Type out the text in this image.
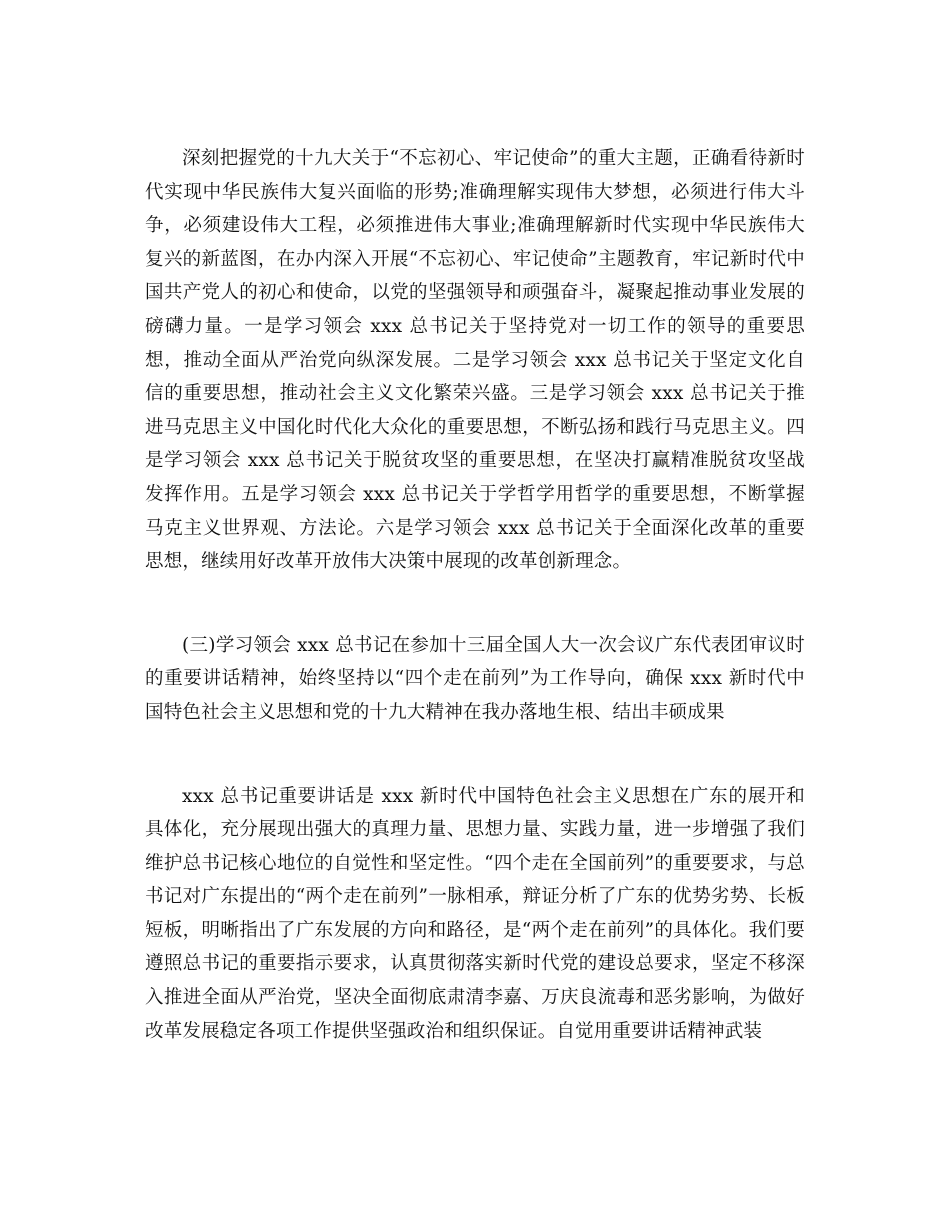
深刻把握党的十九大关于“不忘初心、牢记使命”的重大主题，正确看待新时代实现中华民族伟大复兴面临的形势;准确理解实现伟大梦想，必须进行伟大斗争，必须建设伟大工程，必须推进伟大事业;准确理解新时代实现中华民族伟大复兴的新蓝图，在办内深入开展“不忘初心、牢记使命”主题教育，牢记新时代中国共产党人的初心和使命，以党的坚强领导和顽强奋斗，凝聚起推动事业发展的磅礴力量。一是学习领会 xxx 总书记关于坚持党对一切工作的领导的重要思想，推动全面从严治党向纵深发展。二是学习领会 xxx 总书记关于坚定文化自信的重要思想，推动社会主义文化繁荣兴盛。三是学习领会 xxx 总书记关于推进马克思主义中国化时代化大众化的重要思想，不断弘扬和践行马克思主义。四是学习领会 xxx 总书记关于脱贫攻坚的重要思想，在坚决打赢精准脱贫攻坚战发挥作用。五是学习领会 xxx 总书记关于学哲学用哲学的重要思想，不断掌握马克主义世界观、方法论。六是学习领会 xxx 总书记关于全面深化改革的重要思想，继续用好改革开放伟大决策中展现的改革创新理念。

(三)学习领会 xxx 总书记在参加十三届全国人大一次会议广东代表团审议时的重要讲话精神，始终坚持以“四个走在前列”为工作导向，确保 xxx 新时代中国特色社会主义思想和党的十九大精神在我办落地生根、结出丰硕成果

xxx 总书记重要讲话是 xxx 新时代中国特色社会主义思想在广东的展开和具体化，充分展现出强大的真理力量、思想力量、实践力量，进一步增强了我们维护总书记核心地位的自觉性和坚定性。“四个走在全国前列”的重要要求，与总书记对广东提出的“两个走在前列”一脉相承，辩证分析了广东的优势劣势、长板短板，明晰指出了广东发展的方向和路径，是“两个走在前列”的具体化。我们要遵照总书记的重要指示要求，认真贯彻落实新时代党的建设总要求，坚定不移深入推进全面从严治党，坚决全面彻底肃清李嘉、万庆良流毒和恶劣影响，为做好改革发展稳定各项工作提供坚强政治和组织保证。自觉用重要讲话精神武装
